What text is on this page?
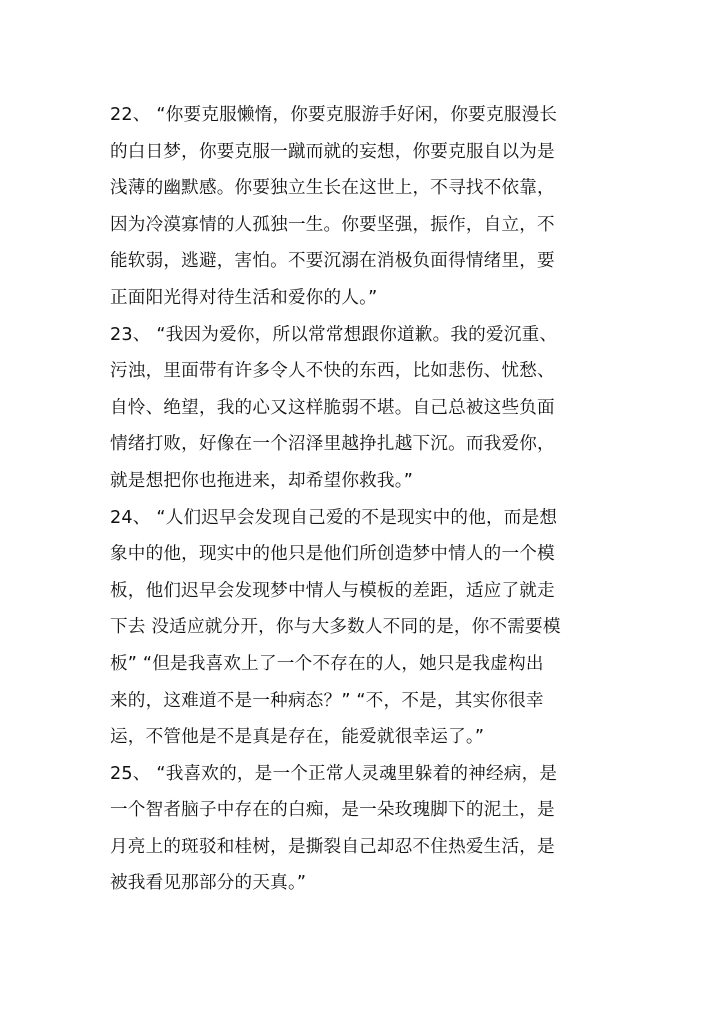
22、 “你要克服懒惰，你要克服游手好闲，你要克服漫长
的白日梦，你要克服一蹴而就的妄想，你要克服自以为是
浅薄的幽默感。你要独立生长在这世上，不寻找不依靠，
因为冷漠寡情的人孤独一生。你要坚强，振作，自立，不
能软弱，逃避，害怕。不要沉溺在消极负面得情绪里，要
正面阳光得对待生活和爱你的人。”
23、 “我因为爱你，所以常常想跟你道歉。我的爱沉重、
污浊，里面带有许多令人不快的东西，比如悲伤、忧愁、
自怜、绝望，我的心又这样脆弱不堪。自己总被这些负面
情绪打败，好像在一个沼泽里越挣扎越下沉。而我爱你，
就是想把你也拖进来，却希望你救我。”
24、 “人们迟早会发现自己爱的不是现实中的他，而是想
象中的他，现实中的他只是他们所创造梦中情人的一个模
板，他们迟早会发现梦中情人与模板的差距，适应了就走
下去 没适应就分开，你与大多数人不同的是，你不需要模
板” “但是我喜欢上了一个不存在的人，她只是我虚构出
来的，这难道不是一种病态？” “不，不是，其实你很幸
运，不管他是不是真是存在，能爱就很幸运了。”
25、 “我喜欢的，是一个正常人灵魂里躲着的神经病，是
一个智者脑子中存在的白痴，是一朵玫瑰脚下的泥土，是
月亮上的斑驳和桂树，是撕裂自己却忍不住热爱生活，是
被我看见那部分的天真。”
